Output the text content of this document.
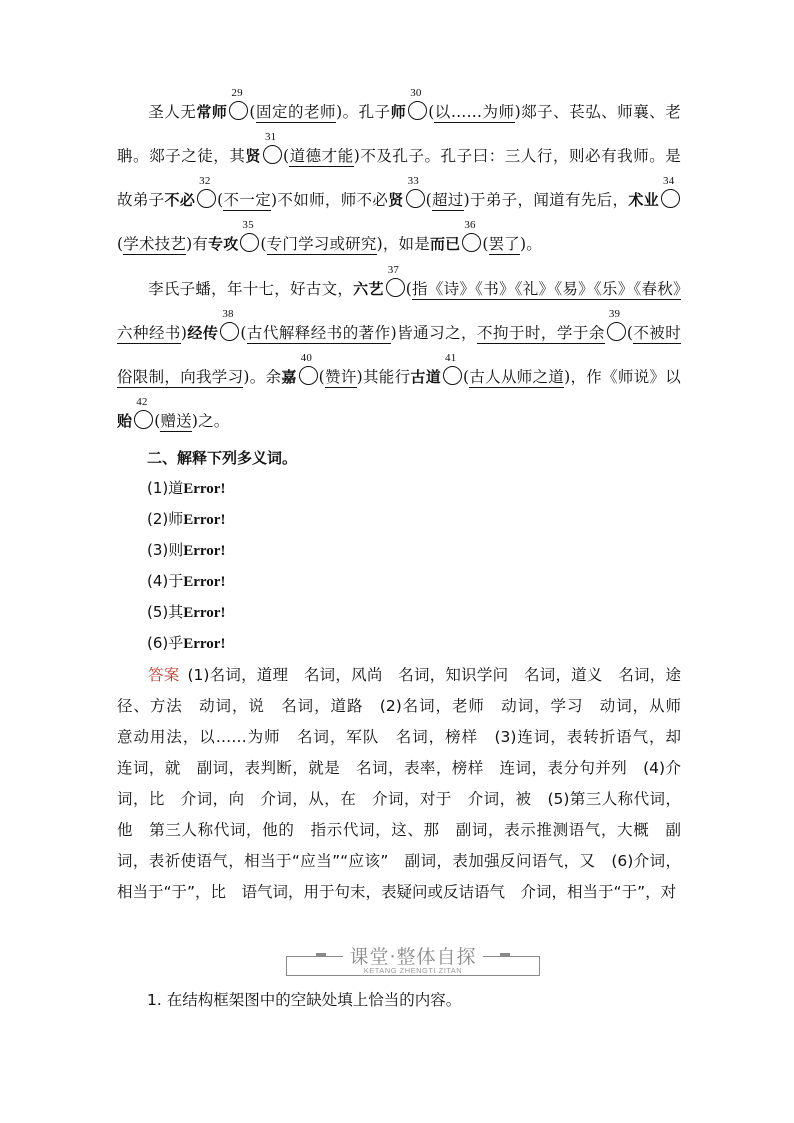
圣人无常师
29
(固定的老师)。孔子师
30
(以……为师)郯子、苌弘、师襄、老聃。郯子之徒，其贤
31
(道德才能)不及孔子。孔子曰：三人行，则必有我师。是故弟子不必
32
(不一定)不如师，师不必贤
33
(超过)于弟子，闻道有先后，术业
34
(学术技艺)有专攻
35
(专门学习或研究)，如是而已
36
(罢了)。
李氏子蟠，年十七，好古文，六艺
37
(指《诗》《书》《礼》《易》《乐》《春秋》六种经书)经传
38
(古代解释经书的著作)皆通习之，不拘于时，学于余
39
(不被时俗限制，向我学习)。余嘉
40
(赞许)其能行古道
41
(古人从师之道)，作《师说》以贻
42
(赠送)之。
二、解释下列多义词。
(1)道Error!
(2)师Error!
(3)则Error!
(4)于Error!
(5)其Error!
(6)乎Error!
答案 (1)名词，道理　名词，风尚　名词，知识学问　名词，道义　名词，途径、方法　动词，说　名词，道路　(2)名词，老师　动词，学习　动词，从师　意动用法，以……为师　名词，军队　名词，榜样　(3)连词，表转折语气，却　连词，就　副词，表判断，就是　名词，表率，榜样　连词，表分句并列　(4)介词，比　介词，向　介词，从，在　介词，对于　介词，被　(5)第三人称代词，他　第三人称代词，他的　指示代词，这、那　副词，表示推测语气，大概　副词，表祈使语气，相当于“应当”“应该”　副词，表加强反问语气，又　(6)介词，相当于“于”，比　语气词，用于句末，表疑问或反诘语气　介词，相当于“于”，对
课堂·整体自探
KETANG ZHENGTI ZITAN
1. 在结构框架图中的空缺处填上恰当的内容。
